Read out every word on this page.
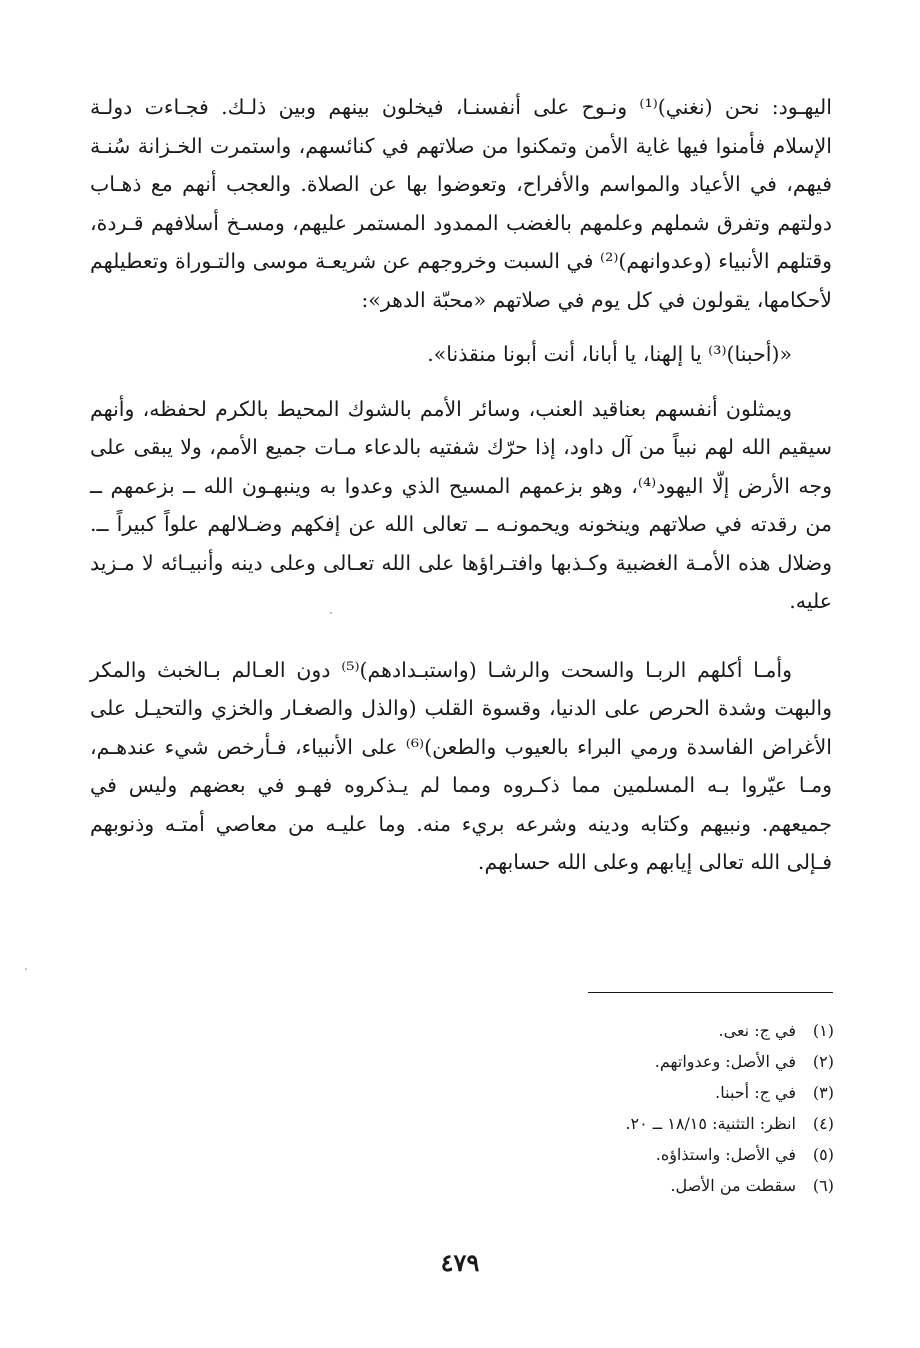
اليهـود: نحن (نغني)⁽¹⁾ ونـوح على أنفسنـا، فيخلون بينهم وبين ذلـك. فجـاءت دولـة الإسلام فأمنوا فيها غاية الأمن وتمكنوا من صلاتهم في كنائسهم، واستمرت الخـزانة سُنـة فيهم، في الأعياد والمواسم والأفراح، وتعوضوا بها عن الصلاة. والعجب أنهم مع ذهـاب دولتهم وتفرق شملهم وعلمهم بالغضب الممدود المستمر عليهم، ومسـخ أسلافهم قـردة، وقتلهم الأنبياء (وعدوانهم)⁽²⁾ في السبت وخروجهم عن شريعـة موسى والتـوراة وتعطيلهم لأحكامها، يقولون في كل يوم في صلاتهم «محبّة الدهر»:

«(أحبنا)⁽³⁾ يا إلهنا، يا أبانا، أنت أبونا منقذنا».

ويمثلون أنفسهم بعناقيد العنب، وسائر الأمم بالشوك المحيط بالكرم لحفظه، وأنهم سيقيم الله لهم نبياً من آل داود، إذا حرّك شفتيه بالدعاء مـات جميع الأمم، ولا يبقى على وجه الأرض إلّا اليهود⁽⁴⁾، وهو بزعمهم المسيح الذي وعدوا به وينبهـون الله ــ بزعمهم ــ من رقدته في صلاتهم وينخونه ويحمونـه ــ تعالى الله عن إفكهم وضـلالهم علواً كبيراً ــ. وضلال هذه الأمـة الغضبية وكـذبها وافتـراؤها على الله تعـالى وعلى دينه وأنبيـائه لا مـزيد عليه.

وأمـا أكلهم الربـا والسحت والرشـا (واستبـدادهم)⁽⁵⁾ دون العـالم بـالخبث والمكر والبهت وشدة الحرص على الدنيا، وقسوة القلب (والذل والصغـار والخزي والتحيـل على الأغراض الفاسدة ورمي البراء بالعيوب والطعن)⁽⁶⁾ على الأنبياء، فـأرخص شيء عندهـم، ومـا عيّروا بـه المسلمين مما ذكـروه ومما لم يـذكروه فهـو في بعضهم وليس في جميعهم. ونبيهم وكتابه ودينه وشرعه بريء منه. وما عليـه من معاصي أمتـه وذنوبهم فـإلى الله تعالى إيابهم وعلى الله حسابهم.

(١)في ج: نعى.
(٢)في الأصل: وعدواتهم.
(٣)في ج: أحبنا.
(٤)انظر: التثنية: ١٨/١٥ ــ ٢٠.
(٥)في الأصل: واستذاؤه.
(٦)سقطت من الأصل.
٤٧٩
